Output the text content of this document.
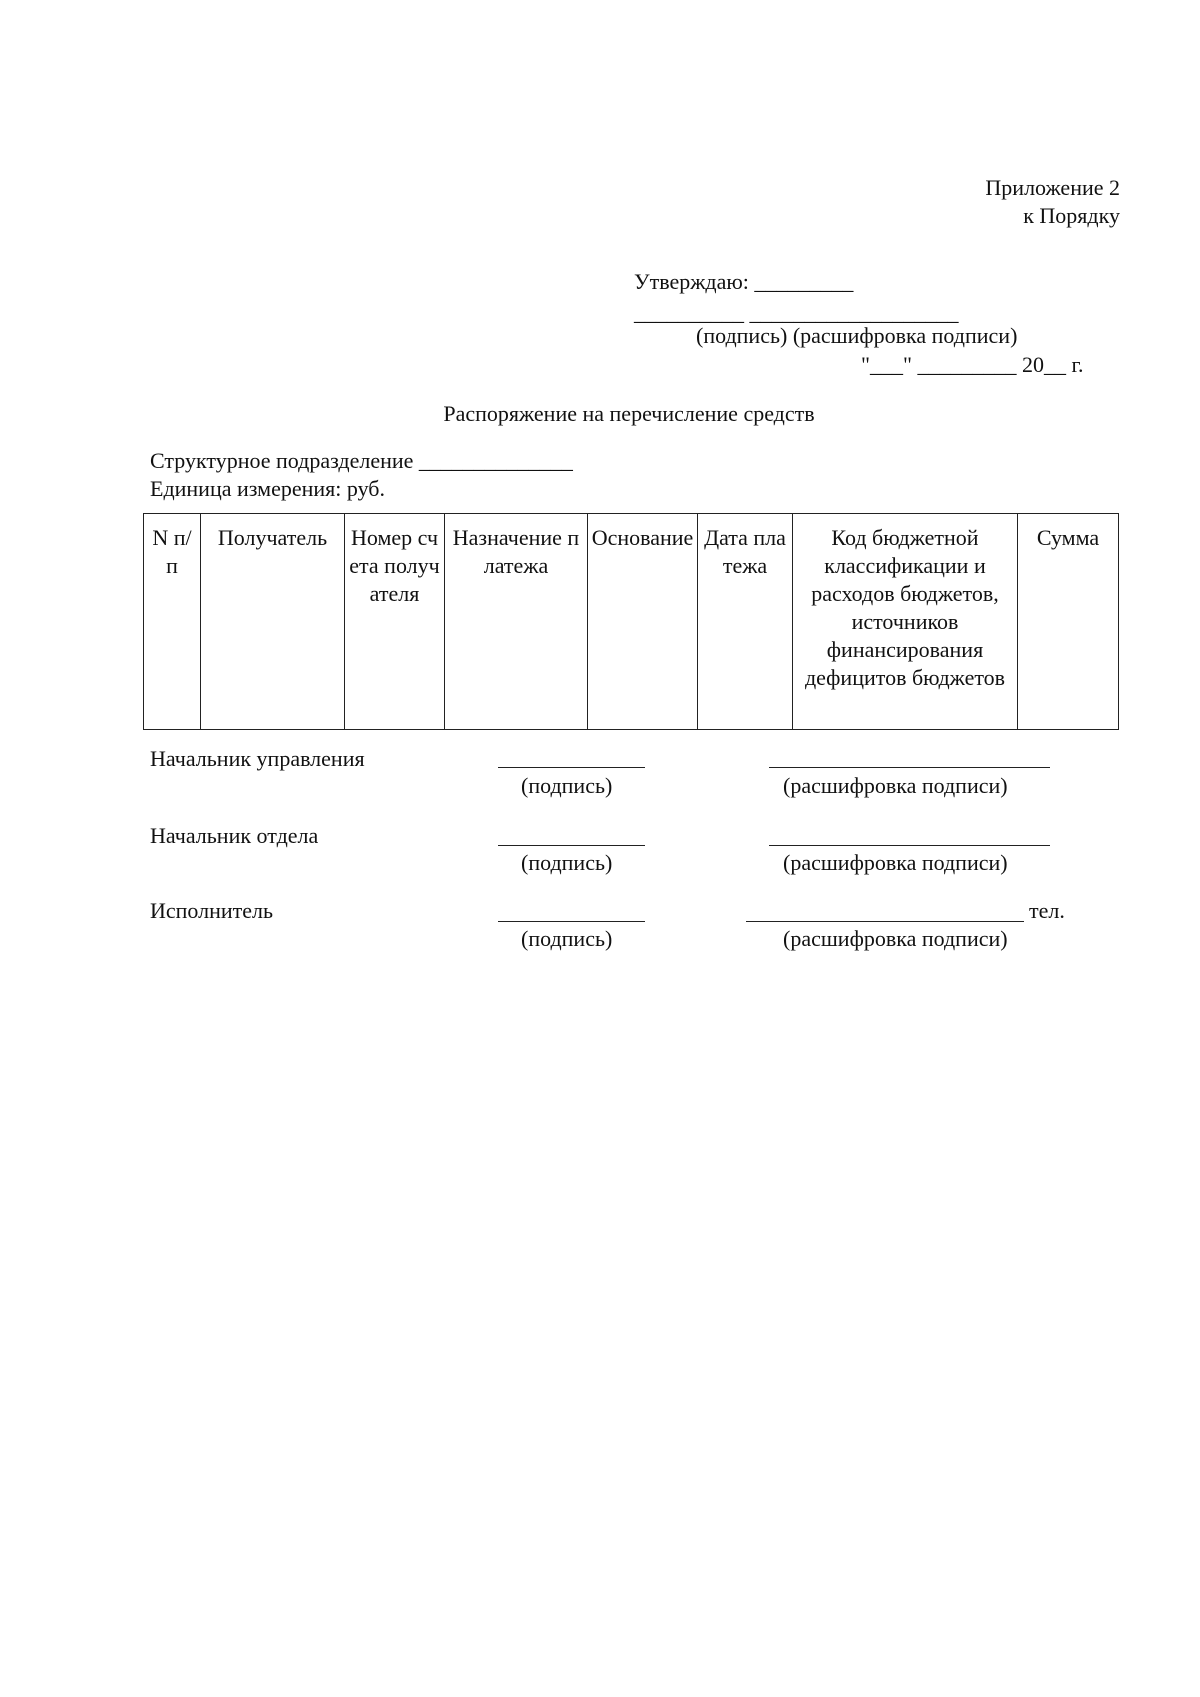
Приложение 2
к Порядку
Утверждаю: _________
__________ ___________________
(подпись) (расшифровка подписи)
"___" _________ 20__ г.
Распоряжение на перечисление средств
Структурное подразделение ______________
Единица измерения: руб.
N п/п	Получатель	Номер счета получателя	Назначение платежа	Основание	Дата платежа	Код бюджетной классификации и расходов бюджетов, источников финансирования дефицитов бюджетов	Сумма
Начальник управления
(подпись)	(расшифровка подписи)
Начальник отдела
(подпись)	(расшифровка подписи)
Исполнитель	тел.
(подпись)	(расшифровка подписи)
